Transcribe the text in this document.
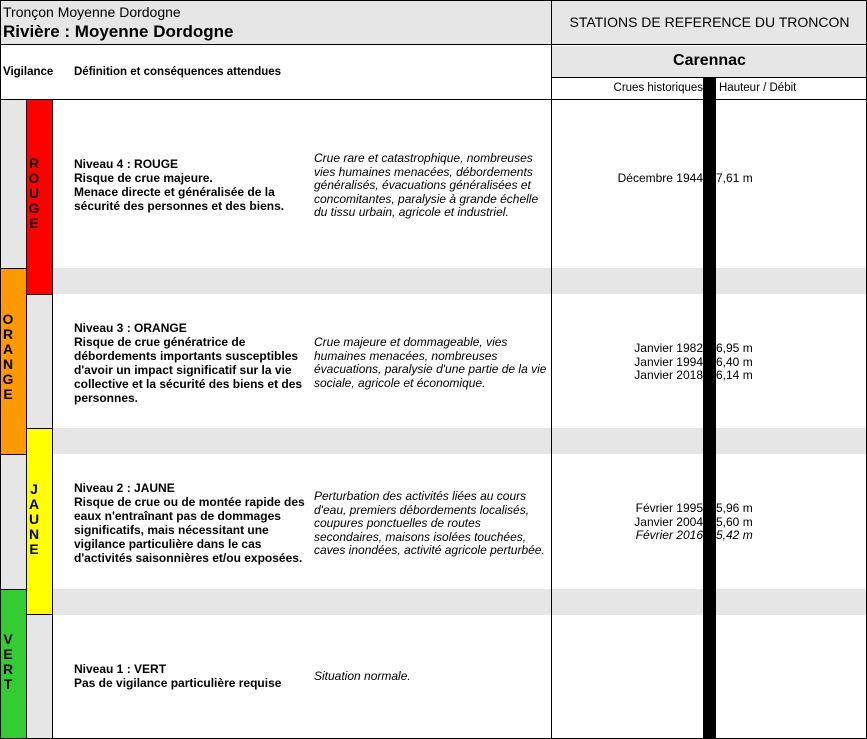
Tronçon Moyenne Dordogne
Rivière : Moyenne Dordogne	STATIONS DE REFERENCE DU TRONCON
Vigilance Définition et conséquences attendues
Carennac
Crues historiques Hauteur / Débit
R
O
U
G
E
O
R
A
N
G
E
J
A
U
N
E
V
E
R
T
Niveau 4 : ROUGE
Risque de crue majeure.
Menace directe et généralisée de la sécurité des personnes et des biens.
Crue rare et catastrophique, nombreuses vies humaines menacées, débordements généralisés, évacuations généralisées et concomitantes, paralysie à grande échelle du tissu urbain, agricole et industriel.
Décembre 1944 7,61 m
Niveau 3 : ORANGE
Risque de crue génératrice de débordements importants susceptibles d'avoir un impact significatif sur la vie collective et la sécurité des biens et des personnes.
Crue majeure et dommageable, vies humaines menacées, nombreuses évacuations, paralysie d'une partie de la vie sociale, agricole et économique.
Janvier 1982
Janvier 1994
Janvier 2018
6,95 m
6,40 m
6,14 m
Niveau 2 : JAUNE
Risque de crue ou de montée rapide des eaux n'entraînant pas de dommages significatifs, mais nécessitant une vigilance particulière dans le cas d'activités saisonnières et/ou exposées.
Perturbation des activités liées au cours d'eau, premiers débordements localisés, coupures ponctuelles de routes secondaires, maisons isolées touchées, caves inondées, activité agricole perturbée.
Février 1995
Janvier 2004
Février 2016
5,96 m
5,60 m
5,42 m
Niveau 1 : VERT
Pas de vigilance particulière requise	Situation normale.
